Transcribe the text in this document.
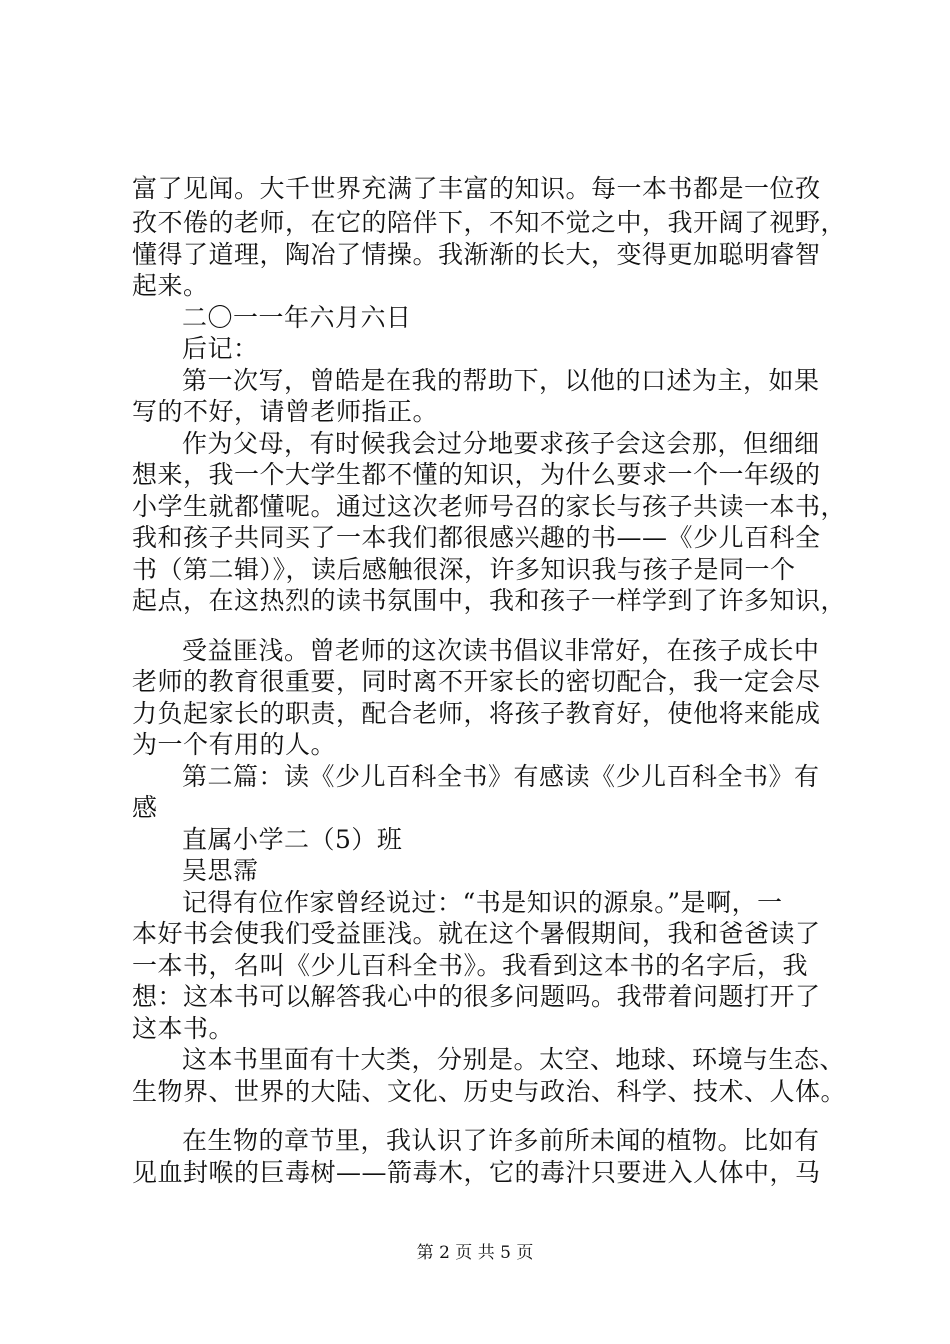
富了见闻。大千世界充满了丰富的知识。每一本书都是一位孜
孜不倦的老师，在它的陪伴下，不知不觉之中，我开阔了视野，
懂得了道理，陶冶了情操。我渐渐的长大，变得更加聪明睿智
起来。
二〇一一年六月六日
后记：
第一次写，曾皓是在我的帮助下，以他的口述为主，如果
写的不好，请曾老师指正。
作为父母，有时候我会过分地要求孩子会这会那，但细细
想来，我一个大学生都不懂的知识，为什么要求一个一年级的
小学生就都懂呢。通过这次老师号召的家长与孩子共读一本书，
我和孩子共同买了一本我们都很感兴趣的书——《少儿百科全
书（第二辑）》，读后感触很深，许多知识我与孩子是同一个
起点，在这热烈的读书氛围中，我和孩子一样学到了许多知识，
受益匪浅。曾老师的这次读书倡议非常好，在孩子成长中
老师的教育很重要，同时离不开家长的密切配合，我一定会尽
力负起家长的职责，配合老师，将孩子教育好，使他将来能成
为一个有用的人。
第二篇：读《少儿百科全书》有感读《少儿百科全书》有
感
直属小学二（5）班
吴思霈
记得有位作家曾经说过：“书是知识的源泉。”是啊，一
本好书会使我们受益匪浅。就在这个暑假期间，我和爸爸读了
一本书，名叫《少儿百科全书》。我看到这本书的名字后，我
想：这本书可以解答我心中的很多问题吗。我带着问题打开了
这本书。
这本书里面有十大类，分别是。太空、地球、环境与生态、
生物界、世界的大陆、文化、历史与政治、科学、技术、人体。
在生物的章节里，我认识了许多前所未闻的植物。比如有
见血封喉的巨毒树——箭毒木，它的毒汁只要进入人体中，马
第 2 页 共 5 页
